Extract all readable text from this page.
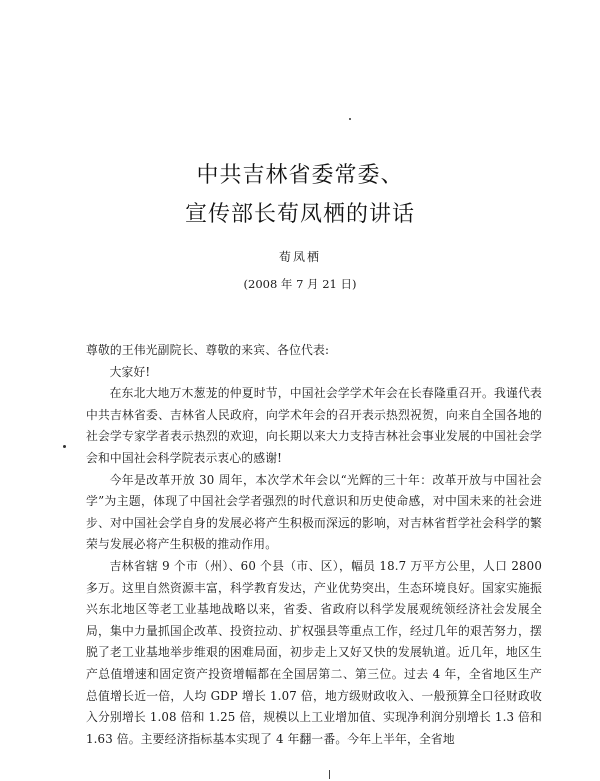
中共吉林省委常委、
宣传部长荀凤栖的讲话
荀凤栖
(2008 年 7 月 21 日)

尊敬的王伟光副院长、尊敬的来宾、各位代表:

大家好!

在东北大地万木葱茏的仲夏时节，中国社会学学术年会在长春隆重召开。我谨代表中共吉林省委、吉林省人民政府，向学术年会的召开表示热烈祝贺，向来自全国各地的社会学专家学者表示热烈的欢迎，向长期以来大力支持吉林社会事业发展的中国社会学会和中国社会科学院表示衷心的感谢!

今年是改革开放 30 周年，本次学术年会以“光辉的三十年：改革开放与中国社会学”为主题，体现了中国社会学者强烈的时代意识和历史使命感，对中国未来的社会进步、对中国社会学自身的发展必将产生积极而深远的影响，对吉林省哲学社会科学的繁荣与发展必将产生积极的推动作用。

吉林省辖 9 个市（州）、60 个县（市、区），幅员 18.7 万平方公里，人口 2800 多万。这里自然资源丰富，科学教育发达，产业优势突出，生态环境良好。国家实施振兴东北地区等老工业基地战略以来，省委、省政府以科学发展观统领经济社会发展全局，集中力量抓国企改革、投资拉动、扩权强县等重点工作，经过几年的艰苦努力，摆脱了老工业基地举步维艰的困难局面，初步走上又好又快的发展轨道。近几年，地区生产总值增速和固定资产投资增幅都在全国居第二、第三位。过去 4 年，全省地区生产总值增长近一倍，人均 GDP 增长 1.07 倍，地方级财政收入、一般预算全口径财政收入分别增长 1.08 倍和 1.25 倍，规模以上工业增加值、实现净利润分别增长 1.3 倍和 1.63 倍。主要经济指标基本实现了 4 年翻一番。今年上半年，全省地
